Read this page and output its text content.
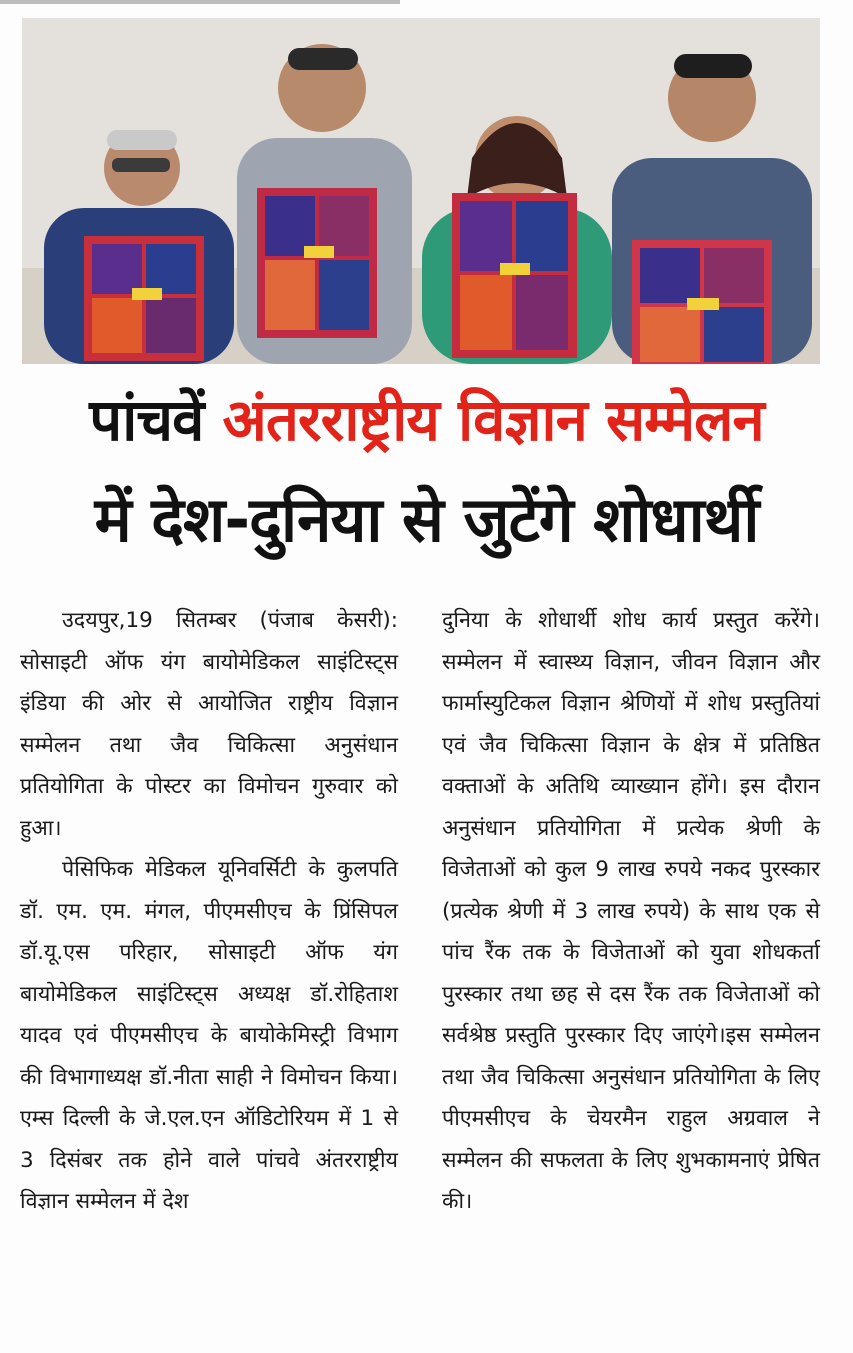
पांचवें अंतरराष्ट्रीय विज्ञान सम्मेलन
में देश-दुनिया से जुटेंगे शोधार्थी

उदयपुर,19 सितम्बर (पंजाब केसरी): सोसाइटी ऑफ यंग बायोमेडिकल साइंटिस्ट्स इंडिया की ओर से आयोजित राष्ट्रीय विज्ञान सम्मेलन तथा जैव चिकित्सा अनुसंधान प्रतियोगिता के पोस्टर का विमोचन गुरुवार को हुआ।

पेसिफिक मेडिकल यूनिवर्सिटी के कुलपति डॉ. एम. एम. मंगल, पीएमसीएच के प्रिंसिपल डॉ.यू.एस परिहार, सोसाइटी ऑफ यंग बायोमेडिकल साइंटिस्ट्स अध्यक्ष डॉ.रोहिताश यादव एवं पीएमसीएच के बायोकेमिस्ट्री विभाग की विभागाध्यक्ष डॉ.नीता साही ने विमोचन किया। एम्स दिल्ली के जे.एल.एन ऑडिटोरियम में 1 से 3 दिसंबर तक होने वाले पांचवे अंतरराष्ट्रीय विज्ञान सम्मेलन में देश

दुनिया के शोधार्थी शोध कार्य प्रस्तुत करेंगे। सम्मेलन में स्वास्थ्य विज्ञान, जीवन विज्ञान और फार्मास्युटिकल विज्ञान श्रेणियों में शोध प्रस्तुतियां एवं जैव चिकित्सा विज्ञान के क्षेत्र में प्रतिष्ठित वक्ताओं के अतिथि व्याख्यान होंगे। इस दौरान अनुसंधान प्रतियोगिता में प्रत्येक श्रेणी के विजेताओं को कुल 9 लाख रुपये नकद पुरस्कार (प्रत्येक श्रेणी में 3 लाख रुपये) के साथ एक से पांच रैंक तक के विजेताओं को युवा शोधकर्ता पुरस्कार तथा छह से दस रैंक तक विजेताओं को सर्वश्रेष्ठ प्रस्तुति पुरस्कार दिए जाएंगे।इस सम्मेलन तथा जैव चिकित्सा अनुसंधान प्रतियोगिता के लिए पीएमसीएच के चेयरमैन राहुल अग्रवाल ने सम्मेलन की सफलता के लिए शुभकामनाएं प्रेषित की।
